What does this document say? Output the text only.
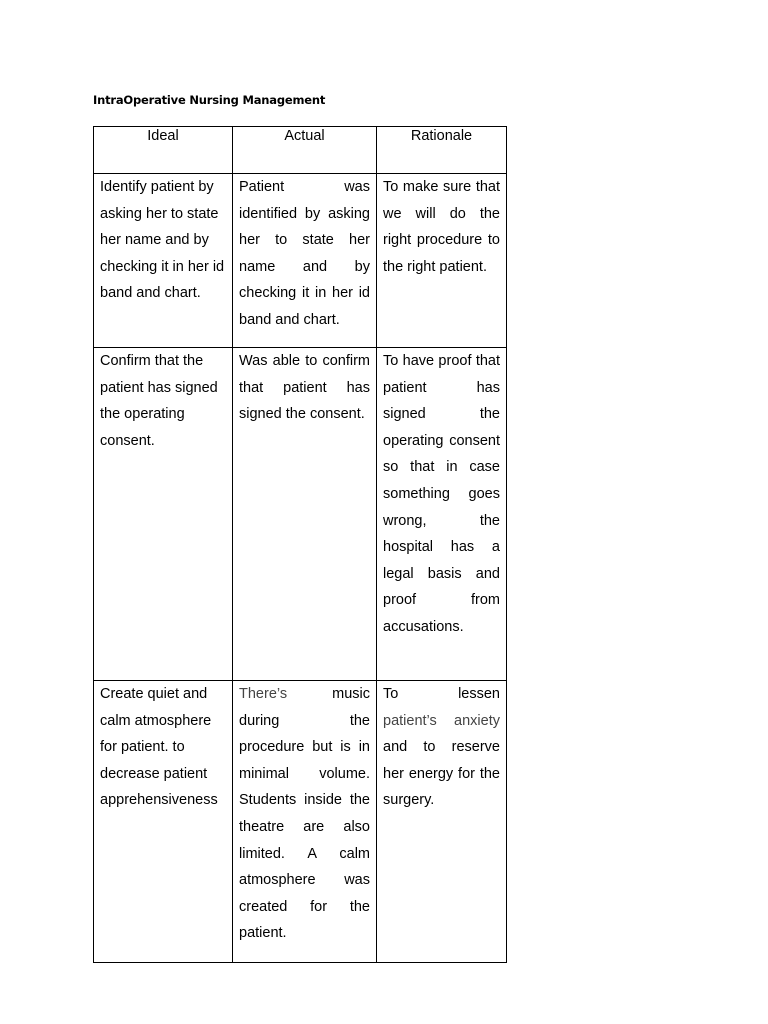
IntraOperative Nursing Management
Ideal	Actual	Rationale
Identify patient by asking her to state her name and by checking it in her id band and chart.	Patient was identified by asking her to state her name and by checking it in her id band and chart.	To make sure that we will do the right procedure to the right patient.
Confirm that the patient has signed the operating consent.	Was able to confirm that patient has signed the consent.	To have proof that patient has signed the operating consent so that in case something goes wrong, the hospital has a legal basis and proof from accusations.
Create quiet and calm atmosphere for patient. to decrease patient apprehensiveness	There’s music during the procedure but is in minimal volume. Students inside the theatre are also limited. A calm atmosphere was created for the patient.	To lessen patient’s anxiety and to reserve her energy for the surgery.
